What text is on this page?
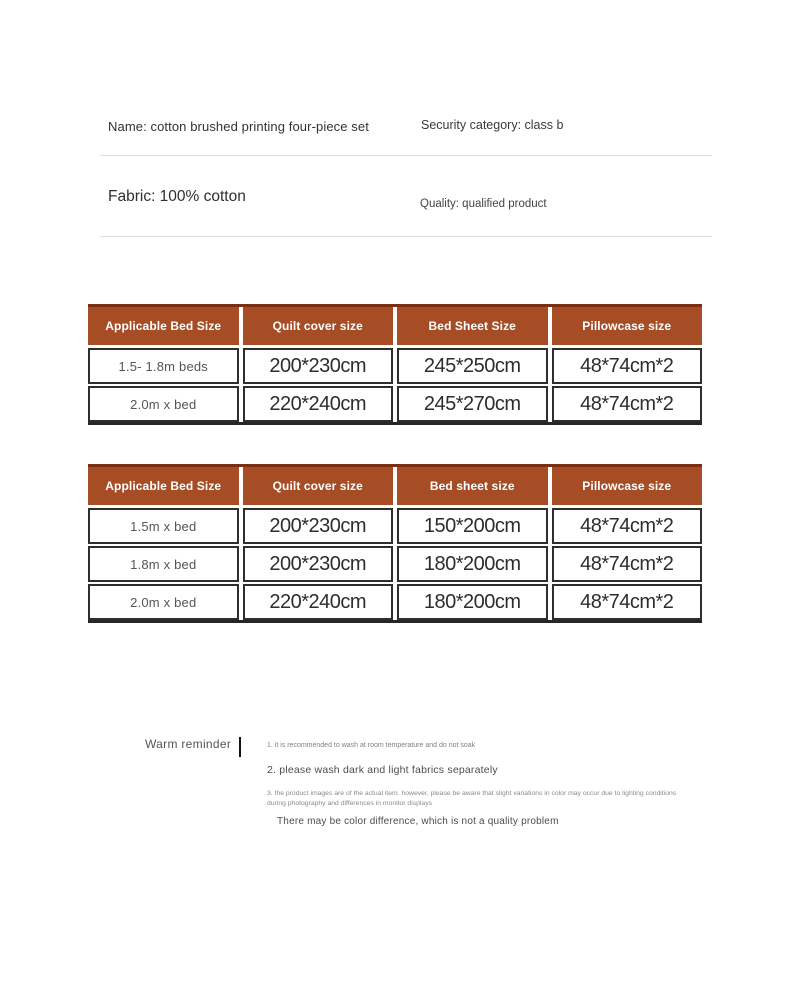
Name: cotton brushed printing four-piece set	Security category: class b
Fabric: 100% cotton	Quality: qualified product
Applicable Bed Size	Quilt cover size	Bed Sheet Size	Pillowcase size
1.5- 1.8m beds	200*230cm	245*250cm	48*74cm*2
2.0m x bed	220*240cm	245*270cm	48*74cm*2
Applicable Bed Size	Quilt cover size	Bed sheet size	Pillowcase size
1.5m x bed	200*230cm	150*200cm	48*74cm*2
1.8m x bed	200*230cm	180*200cm	48*74cm*2
2.0m x bed	220*240cm	180*200cm	48*74cm*2
Warm reminder	1. it is recommended to wash at room temperature and do not soak
2. please wash dark and light fabrics separately
3. the product images are of the actual item. however, please be aware that slight variations in color may occur due to lighting conditions during photography and differences in monitor displays
There may be color difference, which is not a quality problem
